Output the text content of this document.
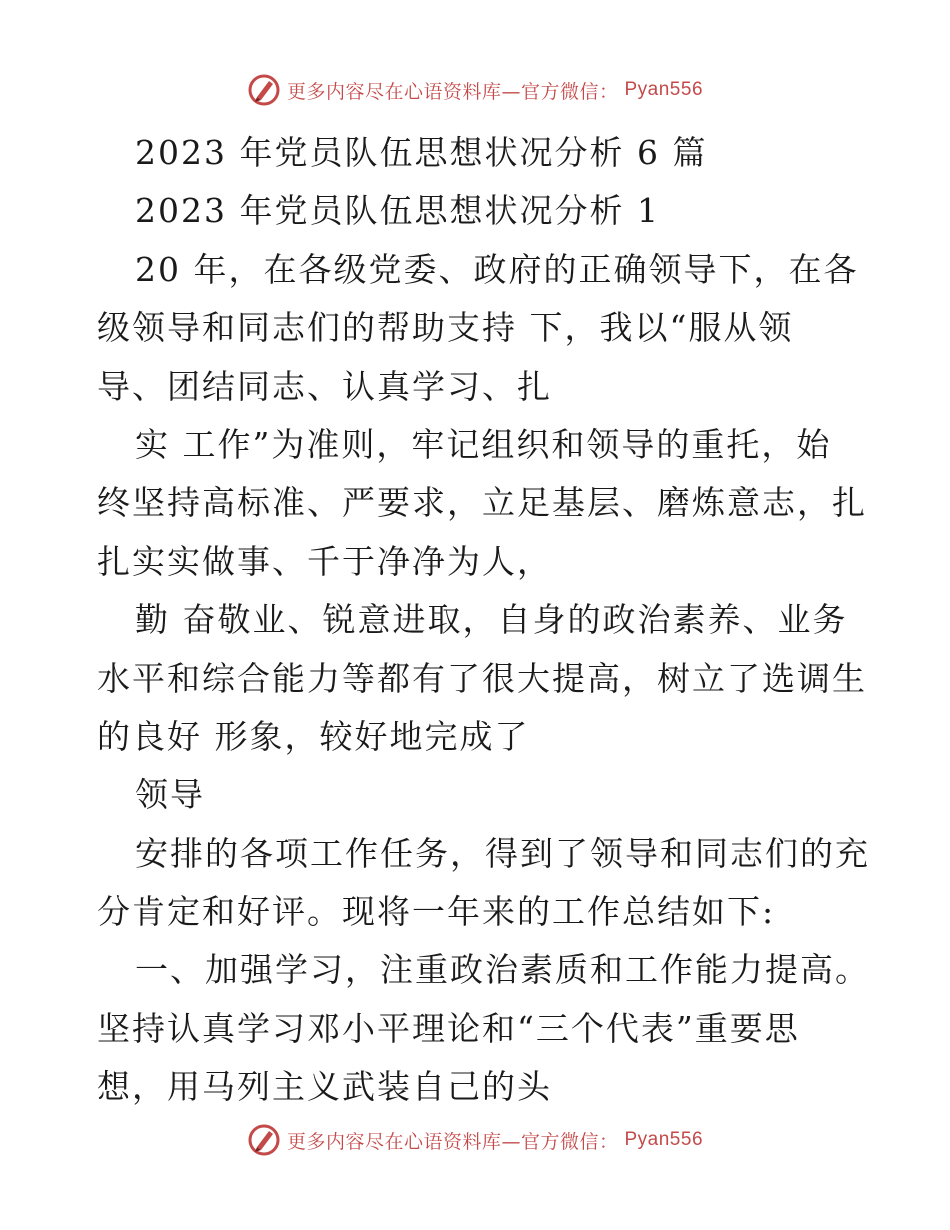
更多内容尽在心语资料库—官方微信： Pyan556
2023 年党员队伍思想状况分析 6 篇
2023 年党员队伍思想状况分析 1
20 年，在各级党委、政府的正确领导下，在各
级领导和同志们的帮助支持 下，我以“服从领
导、团结同志、认真学习、扎
实 工作”为准则，牢记组织和领导的重托，始
终坚持高标准、严要求，立足基层、磨炼意志，扎
扎实实做事、千于净净为人，
勤 奋敬业、锐意进取，自身的政治素养、业务
水平和综合能力等都有了很大提高，树立了选调生
的良好 形象，较好地完成了
领导
安排的各项工作任务，得到了领导和同志们的充
分肯定和好评。现将一年来的工作总结如下:
一、加强学习，注重政治素质和工作能力提高。
坚持认真学习邓小平理论和“三个代表”重要思
想，用马列主义武装自己的头
更多内容尽在心语资料库—官方微信： Pyan556
